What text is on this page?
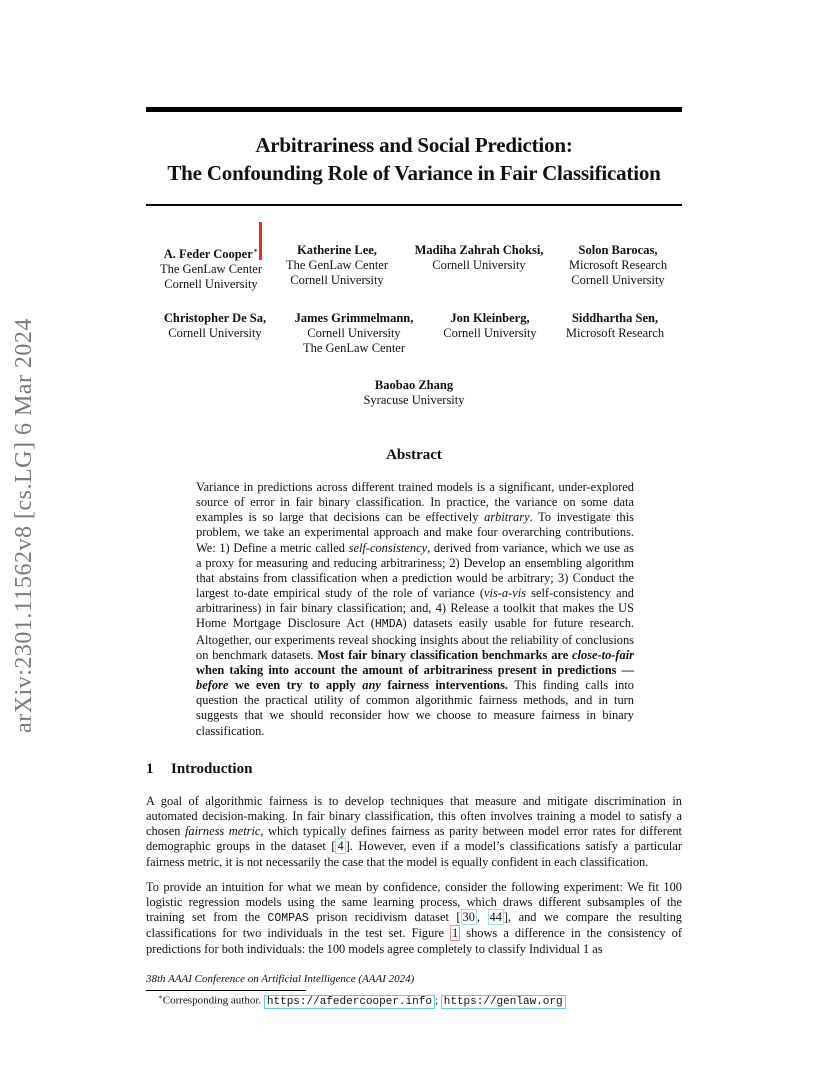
arXiv:2301.11562v8 [cs.LG] 6 Mar 2024
Arbitrariness and Social Prediction:
The Confounding Role of Variance in Fair Classification
A. Feder Cooper∗
The GenLaw Center
Cornell University
Katherine Lee,
The GenLaw Center
Cornell University
Madiha Zahrah Choksi,
Cornell University
Solon Barocas,
Microsoft Research
Cornell University
Christopher De Sa,
Cornell University
James Grimmelmann,
Cornell University
The GenLaw Center
Jon Kleinberg,
Cornell University
Siddhartha Sen,
Microsoft Research
Baobao Zhang
Syracuse University
Abstract
Variance in predictions across different trained models is a significant, under-explored source of error in fair binary classification. In practice, the variance on some data examples is so large that decisions can be effectively arbitrary. To investigate this problem, we take an experimental approach and make four overarching contributions. We: 1) Define a metric called self-consistency, derived from variance, which we use as a proxy for measuring and reducing arbitrariness; 2) Develop an ensembling algorithm that abstains from classification when a prediction would be arbitrary; 3) Conduct the largest to-date empirical study of the role of variance (vis-a-vis self-consistency and arbitrariness) in fair binary classification; and, 4) Release a toolkit that makes the US Home Mortgage Disclosure Act (HMDA) datasets easily usable for future research. Altogether, our experiments reveal shocking insights about the reliability of conclusions on benchmark datasets. Most fair binary classification benchmarks are close-to-fair when taking into account the amount of arbitrariness present in predictions — before we even try to apply any fairness interventions. This finding calls into question the practical utility of common algorithmic fairness methods, and in turn suggests that we should reconsider how we choose to measure fairness in binary classification.
1 Introduction
A goal of algorithmic fairness is to develop techniques that measure and mitigate discrimination in automated decision-making. In fair binary classification, this often involves training a model to satisfy a chosen fairness metric, which typically defines fairness as parity between model error rates for different demographic groups in the dataset [ 4 ]. However, even if a model’s classifications satisfy a particular fairness metric, it is not necessarily the case that the model is equally confident in each classification.
To provide an intuition for what we mean by confidence, consider the following experiment: We fit 100 logistic regression models using the same learning process, which draws different subsamples of the training set from the COMPAS prison recidivism dataset [ 30 , 44 ], and we compare the resulting classifications for two individuals in the test set. Figure 1 shows a difference in the consistency of predictions for both individuals: the 100 models agree completely to classify Individual 1 as
38th AAAI Conference on Artificial Intelligence (AAAI 2024)
∗Corresponding author. https://afedercooper.info ; https://genlaw.org
